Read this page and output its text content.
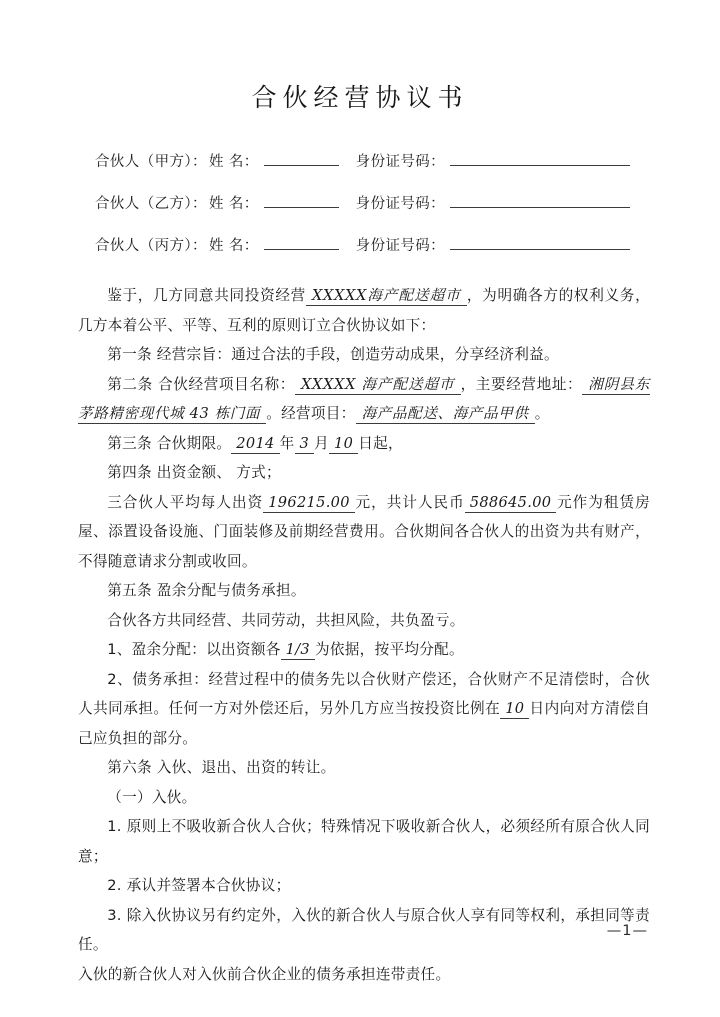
合伙经营协议书
合伙人（甲方）： 姓 名：	身份证号码：
合伙人（乙方）： 姓 名：	身份证号码：
合伙人（丙方）： 姓 名：	身份证号码：

鉴于，几方同意共同投资经营 XXXXX海产配送超市 ，为明确各方的权利义务，几方本着公平、平等、互利的原则订立合伙协议如下：

第一条 经营宗旨：通过合法的手段，创造劳动成果，分享经济利益。

第二条 合伙经营项目名称： XXXXX 海产配送超市 ，主要经营地址： 湘阴县东茅路精密现代城 43 栋门面 。经营项目： 海产品配送、海产品甲供 。

第三条 合伙期限。 2014 年 3 月 10 日起，

第四条 出资金额、 方式；

三合伙人平均每人出资 196215.00 元，共计人民币 588645.00 元作为租赁房屋、添置设备设施、门面装修及前期经营费用。合伙期间各合伙人的出资为共有财产，不得随意请求分割或收回。

第五条 盈余分配与债务承担。

合伙各方共同经营、共同劳动，共担风险，共负盈亏。

1、盈余分配：以出资额各 1/3 为依据，按平均分配。

2、债务承担：经营过程中的债务先以合伙财产偿还，合伙财产不足清偿时，合伙人共同承担。任何一方对外偿还后，另外几方应当按投资比例在 10 日内向对方清偿自己应负担的部分。

第六条 入伙、退出、出资的转让。

（一）入伙。

1. 原则上不吸收新合伙人合伙；特殊情况下吸收新合伙人，必须经所有原合伙人同意；

2. 承认并签署本合伙协议；

3. 除入伙协议另有约定外，入伙的新合伙人与原合伙人享有同等权利，承担同等责任。

入伙的新合伙人对入伙前合伙企业的债务承担连带责任。

—1—
